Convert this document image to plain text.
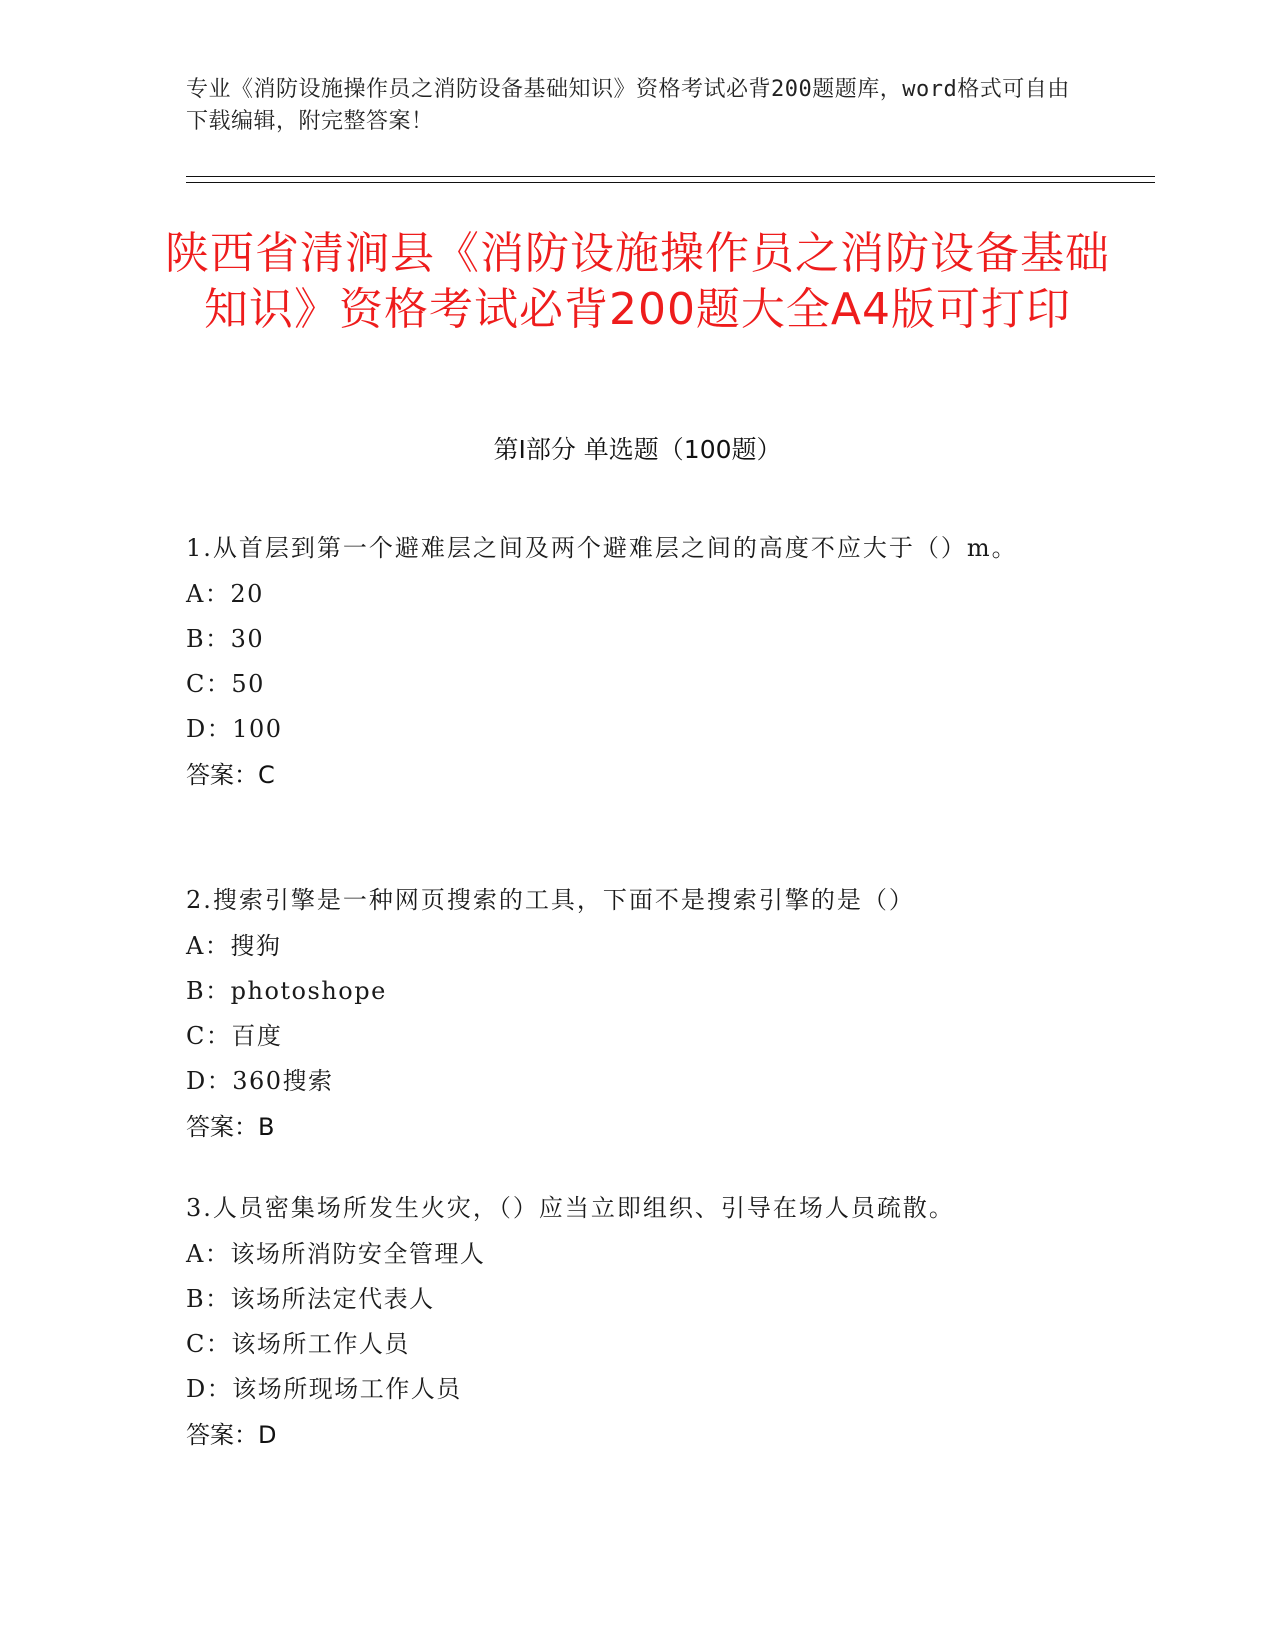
专业《消防设施操作员之消防设备基础知识》资格考试必背200题题库，word格式可自由下载编辑，附完整答案！
陕西省清涧县《消防设施操作员之消防设备基础知识》资格考试必背200题大全A4版可打印
第Ⅰ部分 单选题（100题）

1.从首层到第一个避难层之间及两个避难层之间的高度不应大于（）m。

A：20

B：30

C：50

D：100

答案：C

2.搜索引擎是一种网页搜索的工具，下面不是搜索引擎的是（）

A：搜狗

B：photoshope

C：百度

D：360搜索

答案：B

3.人员密集场所发生火灾，（）应当立即组织、引导在场人员疏散。

A：该场所消防安全管理人

B：该场所法定代表人

C：该场所工作人员

D：该场所现场工作人员

答案：D
